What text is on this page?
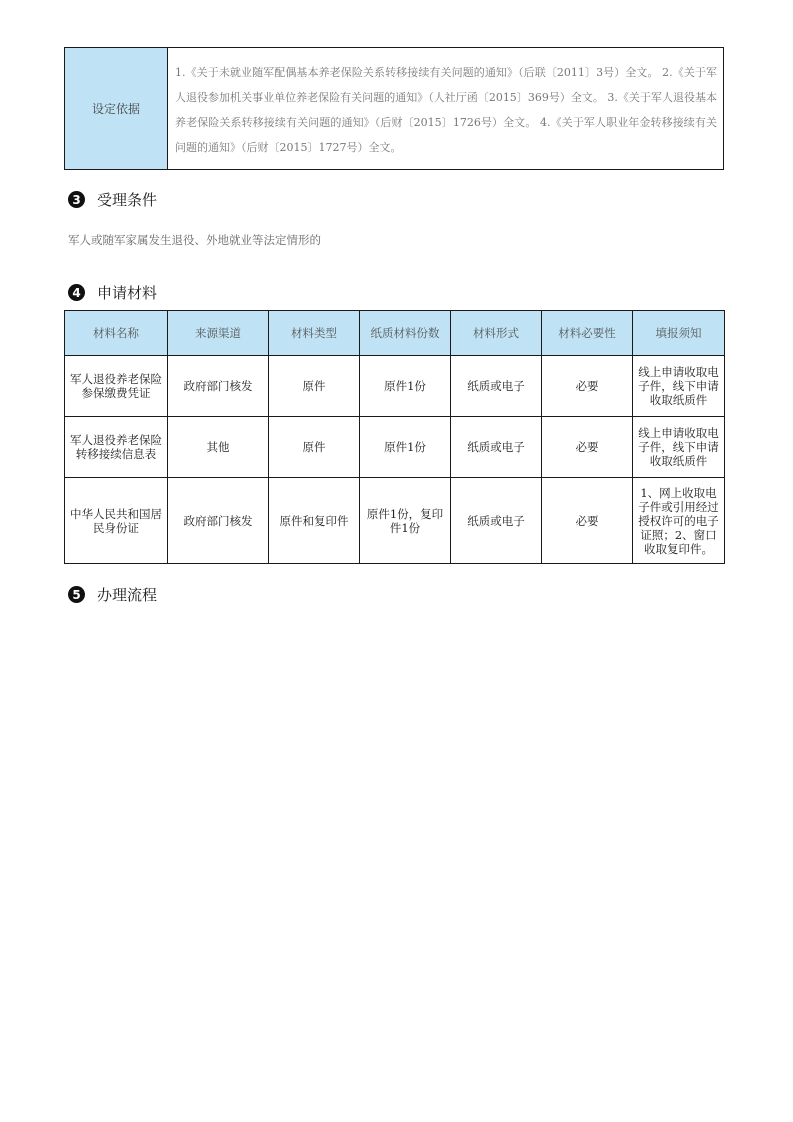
设定依据	1.《关于未就业随军配偶基本养老保险关系转移接续有关问题的通知》（后联〔2011〕3号）全文。 2.《关于军人退役参加机关事业单位养老保险有关问题的通知》（人社厅函〔2015〕369号）全文。 3.《关于军人退役基本养老保险关系转移接续有关问题的通知》（后财〔2015〕1726号）全文。 4.《关于军人职业年金转移接续有关问题的通知》（后财〔2015〕1727号）全文。
3 受理条件
军人或随军家属发生退役、外地就业等法定情形的
4 申请材料
材料名称	来源渠道	材料类型	纸质材料份数	材料形式	材料必要性	填报须知
军人退役养老保险参保缴费凭证	政府部门核发	原件	原件1份	纸质或电子	必要	线上申请收取电子件，线下申请收取纸质件
军人退役养老保险转移接续信息表	其他	原件	原件1份	纸质或电子	必要	线上申请收取电子件，线下申请收取纸质件
中华人民共和国居民身份证	政府部门核发	原件和复印件	原件1份，复印件1份	纸质或电子	必要	1、网上收取电子件或引用经过授权许可的电子证照；2、窗口收取复印件。
5 办理流程
